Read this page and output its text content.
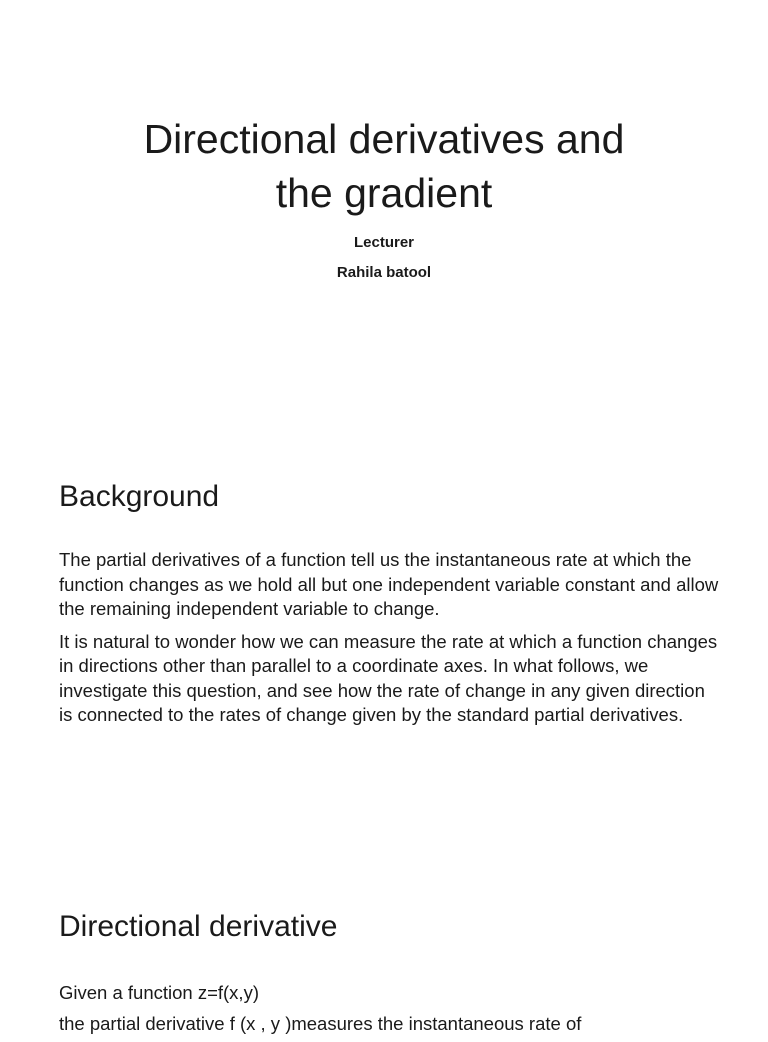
Directional derivatives and
the gradient
Lecturer
Rahila batool
Background

The partial derivatives of a function tell us the instantaneous rate at which the function changes as we hold all but one independent variable constant and allow the remaining independent variable to change.

It is natural to wonder how we can measure the rate at which a function changes in directions other than parallel to a coordinate axes. In what follows, we investigate this question, and see how the rate of change in any given direction is connected to the rates of change given by the standard partial derivatives.

Directional derivative

Given a function z=f(x,y)

the partial derivative f (x , y )measures the instantaneous rate of
